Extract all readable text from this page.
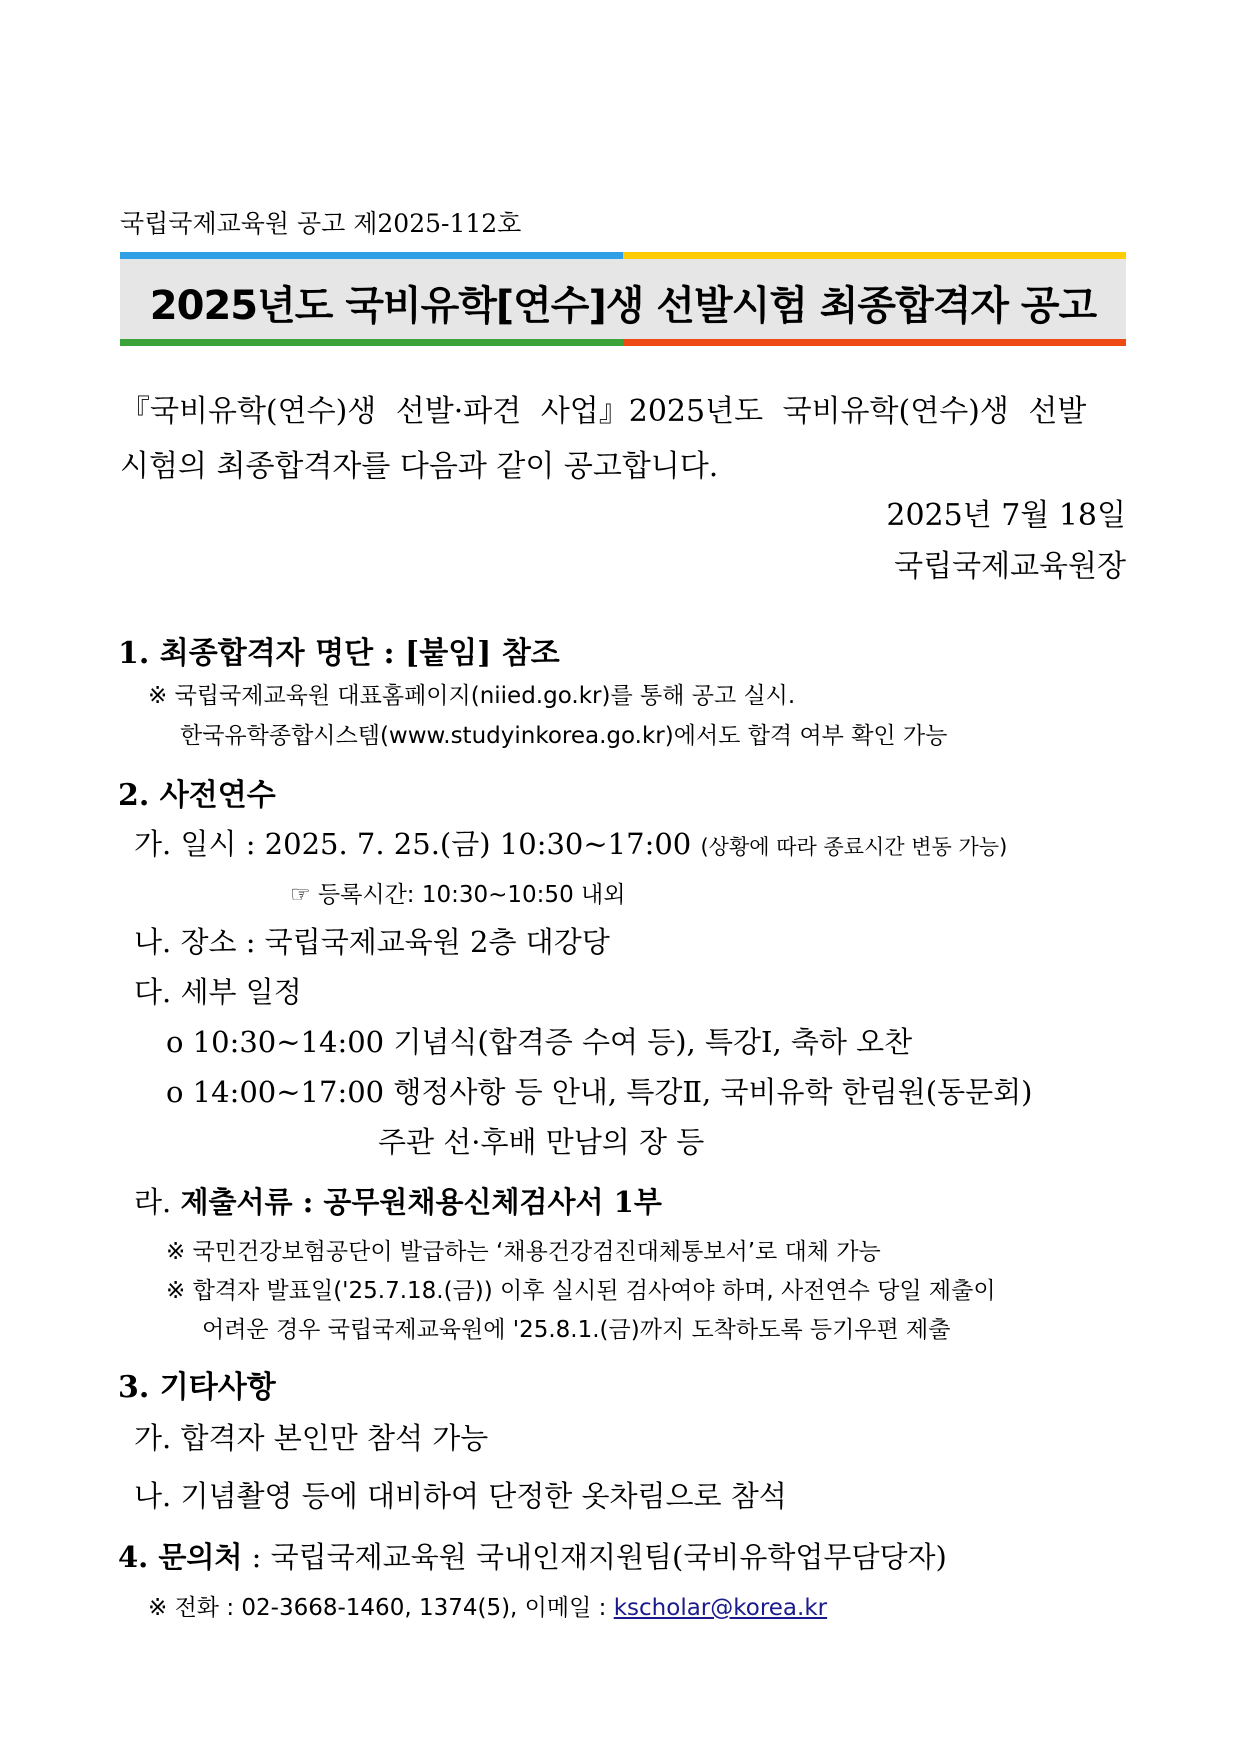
국립국제교육원 공고 제2025-112호
2025년도 국비유학[연수]생 선발시험 최종합격자 공고
『국비유학(연수)생 선발·파견 사업』2025년도 국비유학(연수)생 선발
시험의 최종합격자를 다음과 같이 공고합니다.
2025년 7월 18일
국립국제교육원장
1. 최종합격자 명단 : [붙임] 참조
※ 국립국제교육원 대표홈페이지(niied.go.kr)를 통해 공고 실시.
한국유학종합시스템(www.studyinkorea.go.kr)에서도 합격 여부 확인 가능
2. 사전연수
가. 일시 : 2025. 7. 25.(금) 10:30~17:00 (상황에 따라 종료시간 변동 가능)
☞ 등록시간: 10:30~10:50 내외
나. 장소 : 국립국제교육원 2층 대강당
다. 세부 일정
o 10:30~14:00 기념식(합격증 수여 등), 특강Ⅰ, 축하 오찬
o 14:00~17:00 행정사항 등 안내, 특강Ⅱ, 국비유학 한림원(동문회)
주관 선·후배 만남의 장 등
라. 제출서류 : 공무원채용신체검사서 1부
※ 국민건강보험공단이 발급하는 ‘채용건강검진대체통보서’로 대체 가능
※ 합격자 발표일('25.7.18.(금)) 이후 실시된 검사여야 하며, 사전연수 당일 제출이
어려운 경우 국립국제교육원에 '25.8.1.(금)까지 도착하도록 등기우편 제출
3. 기타사항
가. 합격자 본인만 참석 가능
나. 기념촬영 등에 대비하여 단정한 옷차림으로 참석
4. 문의처 : 국립국제교육원 국내인재지원팀(국비유학업무담당자)
※ 전화 : 02-3668-1460, 1374(5), 이메일 : kscholar@korea.kr
